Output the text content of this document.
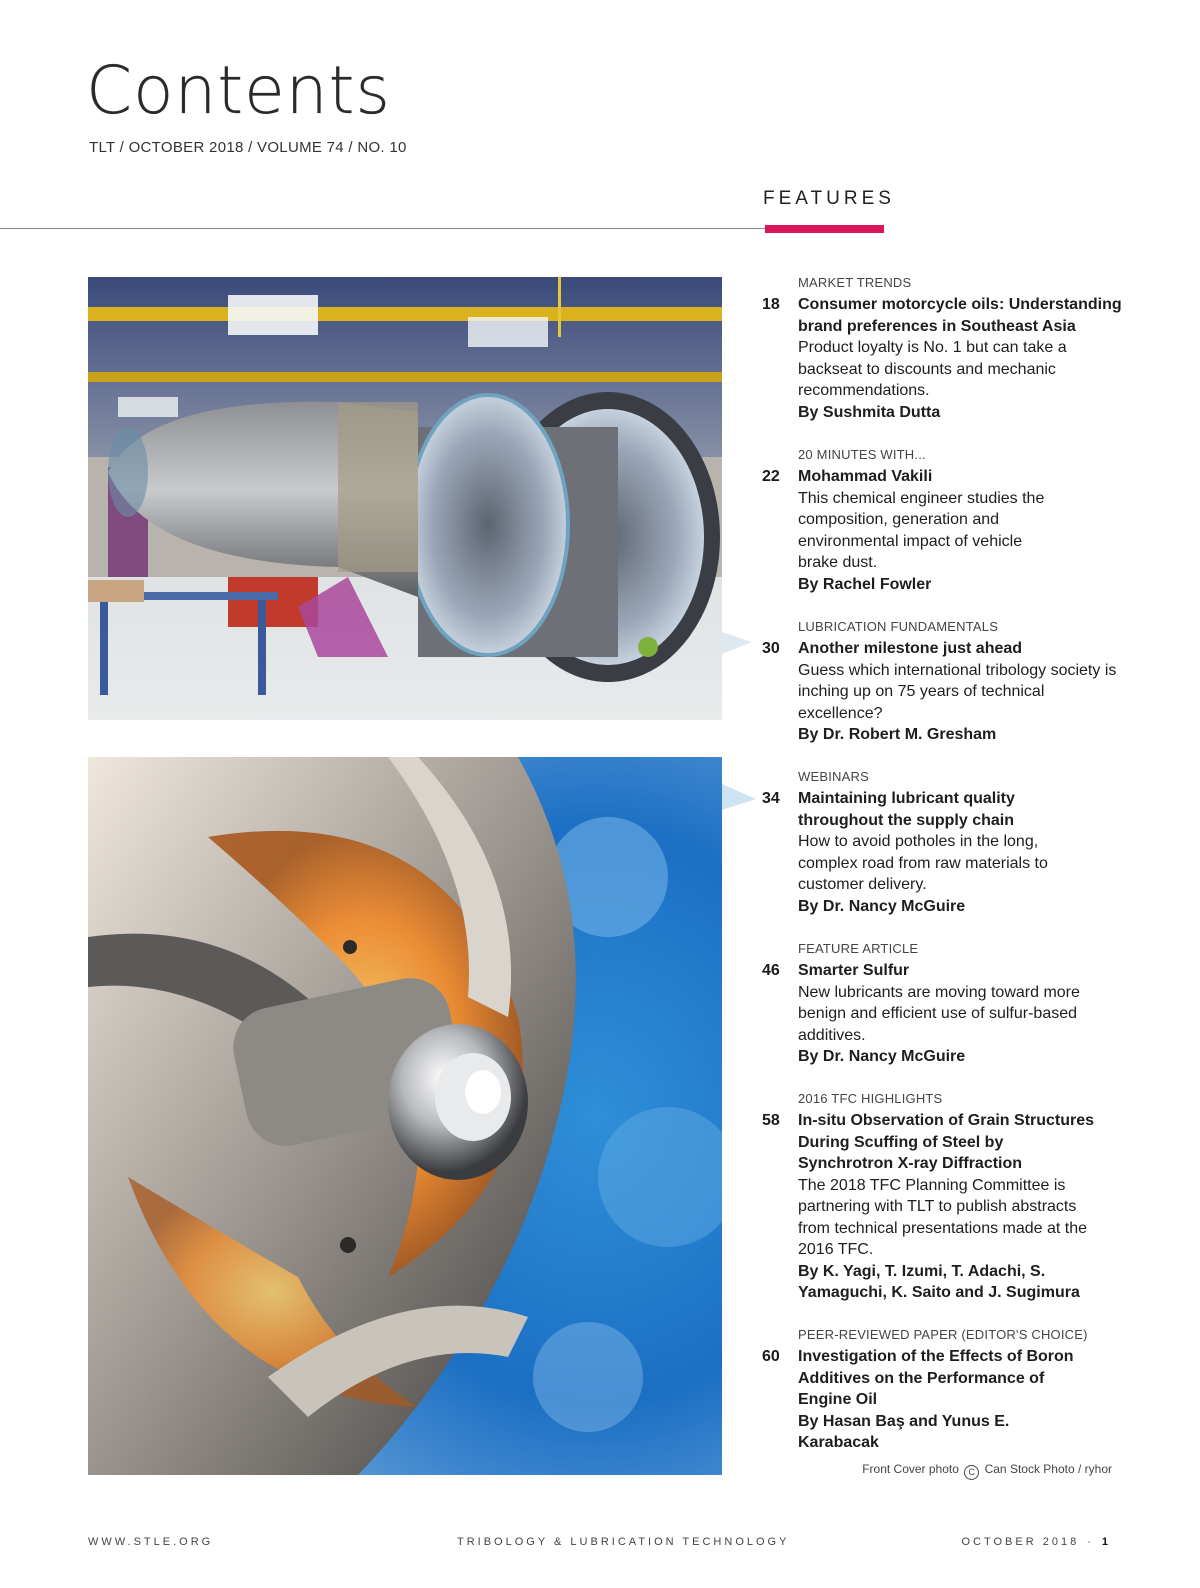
Contents
TLT / OCTOBER 2018 / VOLUME 74 / NO. 10
FEATURES
MARKET TRENDS
18	Consumer motorcycle oils: Understanding brand preferences in Southeast Asia
Product loyalty is No. 1 but can take a backseat to discounts and mechanic recommendations.
By Sushmita Dutta
20 MINUTES WITH...
22	Mohammad Vakili
This chemical engineer studies the composition, generation and environmental impact of vehicle brake dust.
By Rachel Fowler
LUBRICATION FUNDAMENTALS
30	Another milestone just ahead
Guess which international tribology society is inching up on 75 years of technical excellence?
By Dr. Robert M. Gresham
WEBINARS
34	Maintaining lubricant quality throughout the supply chain
How to avoid potholes in the long, complex road from raw materials to customer delivery.
By Dr. Nancy McGuire
FEATURE ARTICLE
46	Smarter Sulfur
New lubricants are moving toward more benign and efficient use of sulfur-based additives.
By Dr. Nancy McGuire
2016 TFC HIGHLIGHTS
58	In-situ Observation of Grain Structures During Scuffing of Steel by Synchrotron X-ray Diffraction
The 2018 TFC Planning Committee is partnering with TLT to publish abstracts from technical presentations made at the 2016 TFC.
By K. Yagi, T. Izumi, T. Adachi, S. Yamaguchi, K. Saito and J. Sugimura
PEER-REVIEWED PAPER (EDITOR'S CHOICE)
60	Investigation of the Effects of Boron Additives on the Performance of Engine Oil
By Hasan Baş and Yunus E. Karabacak
Front Cover photo C Can Stock Photo / ryhor
WWW.STLE.ORG	TRIBOLOGY & LUBRICATION TECHNOLOGY	OCTOBER 2018 · 1
